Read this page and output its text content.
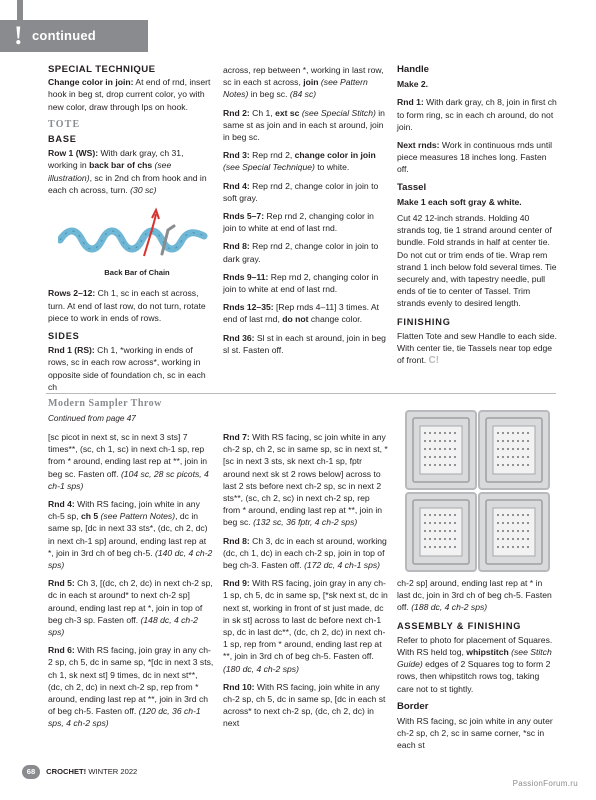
! continued
SPECIAL TECHNIQUE
Change color in join: At end of rnd, insert hook in beg st, drop current color, yo with new color, draw through lps on hook.
TOTE
BASE
Row 1 (WS): With dark gray, ch 31, working in back bar of chs (see illustration), sc in 2nd ch from hook and in each ch across, turn. (30 sc)
Back Bar of Chain
Rows 2–12: Ch 1, sc in each st across, turn. At end of last row, do not turn, rotate piece to work in ends of rows.
SIDES
Rnd 1 (RS): Ch 1, *working in ends of rows, sc in each row across*, working in opposite side of foundation ch, sc in each ch
across, rep between *, working in last row, sc in each st across, join (see Pattern Notes) in beg sc. (84 sc)
Rnd 2: Ch 1, ext sc (see Special Stitch) in same st as join and in each st around, join in beg sc.
Rnd 3: Rep rnd 2, change color in join (see Special Technique) to white.
Rnd 4: Rep rnd 2, change color in join to soft gray.
Rnds 5–7: Rep rnd 2, changing color in join to white at end of last rnd.
Rnd 8: Rep rnd 2, change color in join to dark gray.
Rnds 9–11: Rep rnd 2, changing color in join to white at end of last rnd.
Rnds 12–35: [Rep rnds 4–11] 3 times. At end of last rnd, do not change color.
Rnd 36: Sl st in each st around, join in beg sl st. Fasten off.
Handle
Make 2.
Rnd 1: With dark gray, ch 8, join in first ch to form ring, sc in each ch around, do not join.
Next rnds: Work in continuous rnds until piece measures 18 inches long. Fasten off.
Tassel
Make 1 each soft gray & white.
Cut 42 12-inch strands. Holding 40 strands tog, tie 1 strand around center of bundle. Fold strands in half at center tie. Do not cut or trim ends of tie. Wrap rem strand 1 inch below fold several times. Tie securely and, with tapestry needle, pull ends of tie to center of Tassel. Trim strands evenly to desired length.
FINISHING
Flatten Tote and sew Handle to each side. With center tie, tie Tassels near top edge of front. C!
Modern Sampler Throw
Continued from page 47
[sc picot in next st, sc in next 3 sts] 7 times**, (sc, ch 1, sc) in next ch-1 sp, rep from * around, ending last rep at **, join in beg sc. Fasten off. (104 sc, 28 sc picots, 4 ch-1 sps)
Rnd 4: With RS facing, join white in any ch-5 sp, ch 5 (see Pattern Notes), dc in same sp, [dc in next 33 sts*, (dc, ch 2, dc) in next ch-1 sp] around, ending last rep at *, join in 3rd ch of beg ch-5. (140 dc, 4 ch-2 sps)
Rnd 5: Ch 3, [(dc, ch 2, dc) in next ch-2 sp, dc in each st around* to next ch-2 sp] around, ending last rep at *, join in top of beg ch-3 sp. Fasten off. (148 dc, 4 ch-2 sps)
Rnd 6: With RS facing, join gray in any ch-2 sp, ch 5, dc in same sp, *[dc in next 3 sts, ch 1, sk next st] 9 times, dc in next st**, (dc, ch 2, dc) in next ch-2 sp, rep from * around, ending last rep at **, join in 3rd ch of beg ch-5. Fasten off. (120 dc, 36 ch-1 sps, 4 ch-2 sps)
Rnd 7: With RS facing, sc join white in any ch-2 sp, ch 2, sc in same sp, sc in next st, *[sc in next 3 sts, sk next ch-1 sp, fptr around next sk st 2 rows below] across to last 2 sts before next ch-2 sp, sc in next 2 sts**, (sc, ch 2, sc) in next ch-2 sp, rep from * around, ending last rep at **, join in beg sc. (132 sc, 36 fptr, 4 ch-2 sps)
Rnd 8: Ch 3, dc in each st around, working (dc, ch 1, dc) in each ch-2 sp, join in top of beg ch-3. Fasten off. (172 dc, 4 ch-1 sps)
Rnd 9: With RS facing, join gray in any ch-1 sp, ch 5, dc in same sp, [*sk next st, dc in next st, working in front of st just made, dc in sk st] across to last dc before next ch-1 sp, dc in last dc**, (dc, ch 2, dc) in next ch-1 sp, rep from * around, ending last rep at **, join in 3rd ch of beg ch-5. Fasten off. (180 dc, 4 ch-2 sps)
Rnd 10: With RS facing, join white in any ch-2 sp, ch 5, dc in same sp, [dc in each st across* to next ch-2 sp, (dc, ch 2, dc) in next
ch-2 sp] around, ending last rep at * in last dc, join in 3rd ch of beg ch-5. Fasten off. (188 dc, 4 ch-2 sps)
ASSEMBLY & FINISHING
Refer to photo for placement of Squares. With RS held tog, whipstitch (see Stitch Guide) edges of 2 Squares tog to form 2 rows, then whipstitch rows tog, taking care not to st tightly.
Border
With RS facing, sc join white in any outer ch-2 sp, ch 2, sc in same corner, *sc in each st
68 CROCHET! WINTER 2022
PassionForum.ru
